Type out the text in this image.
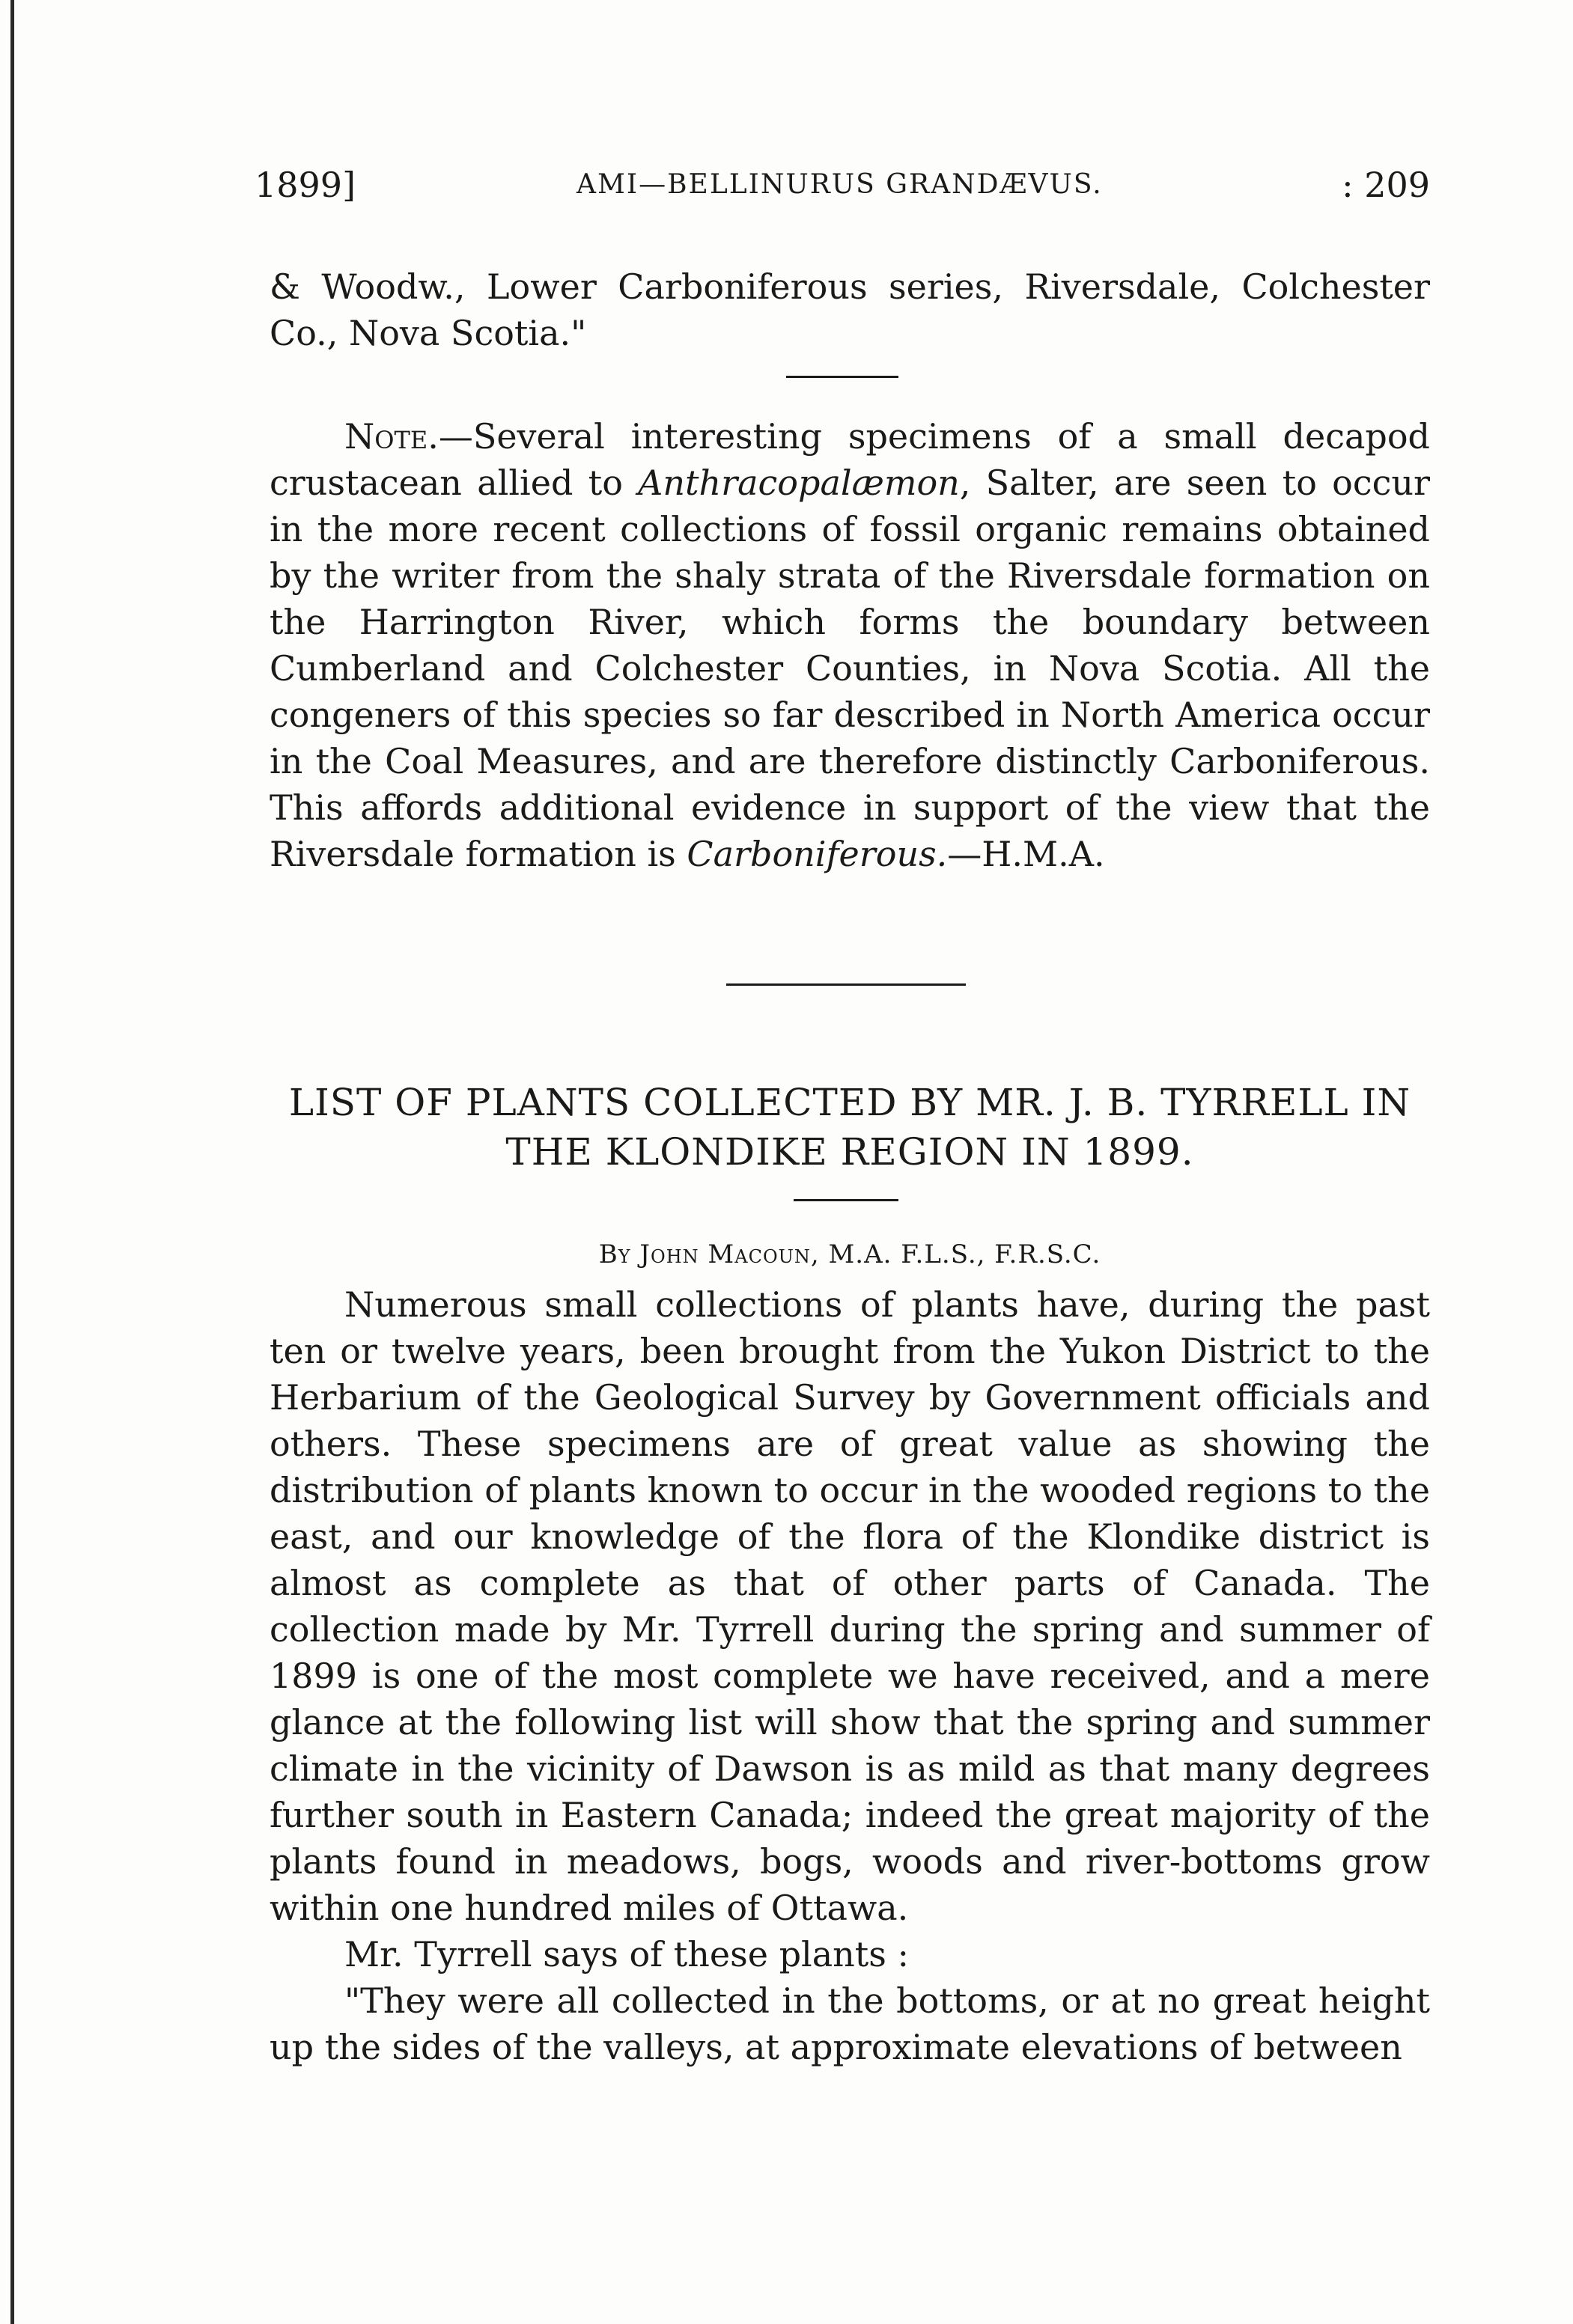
1899]	AMI—BELLINURUS GRANDÆVUS.	: 209

& Woodw., Lower Carboniferous series, Riversdale, Colchester Co., Nova Scotia."

Note.—Several interesting specimens of a small decapod crustacean allied to Anthracopalæmon, Salter, are seen to occur in the more recent collections of fossil organic remains obtained by the writer from the shaly strata of the Riversdale formation on the Harrington River, which forms the boundary between Cumberland and Colchester Counties, in Nova Scotia. All the congeners of this species so far described in North America occur in the Coal Measures, and are therefore distinctly Carboniferous. This affords additional evidence in support of the view that the Riversdale formation is Carboniferous.—H.M.A.

LIST OF PLANTS COLLECTED BY MR. J. B. TYRRELL IN
THE KLONDIKE REGION IN 1899.
By John Macoun, M.A. F.L.S., F.R.S.C.

Numerous small collections of plants have, during the past ten or twelve years, been brought from the Yukon District to the Herbarium of the Geological Survey by Government officials and others. These specimens are of great value as showing the distribution of plants known to occur in the wooded regions to the east, and our knowledge of the flora of the Klondike district is almost as complete as that of other parts of Canada. The collection made by Mr. Tyrrell during the spring and summer of 1899 is one of the most complete we have received, and a mere glance at the following list will show that the spring and summer climate in the vicinity of Dawson is as mild as that many degrees further south in Eastern Canada; indeed the great majority of the plants found in meadows, bogs, woods and river-bottoms grow within one hundred miles of Ottawa.

Mr. Tyrrell says of these plants :

"They were all collected in the bottoms, or at no great height up the sides of the valleys, at approximate elevations of between
